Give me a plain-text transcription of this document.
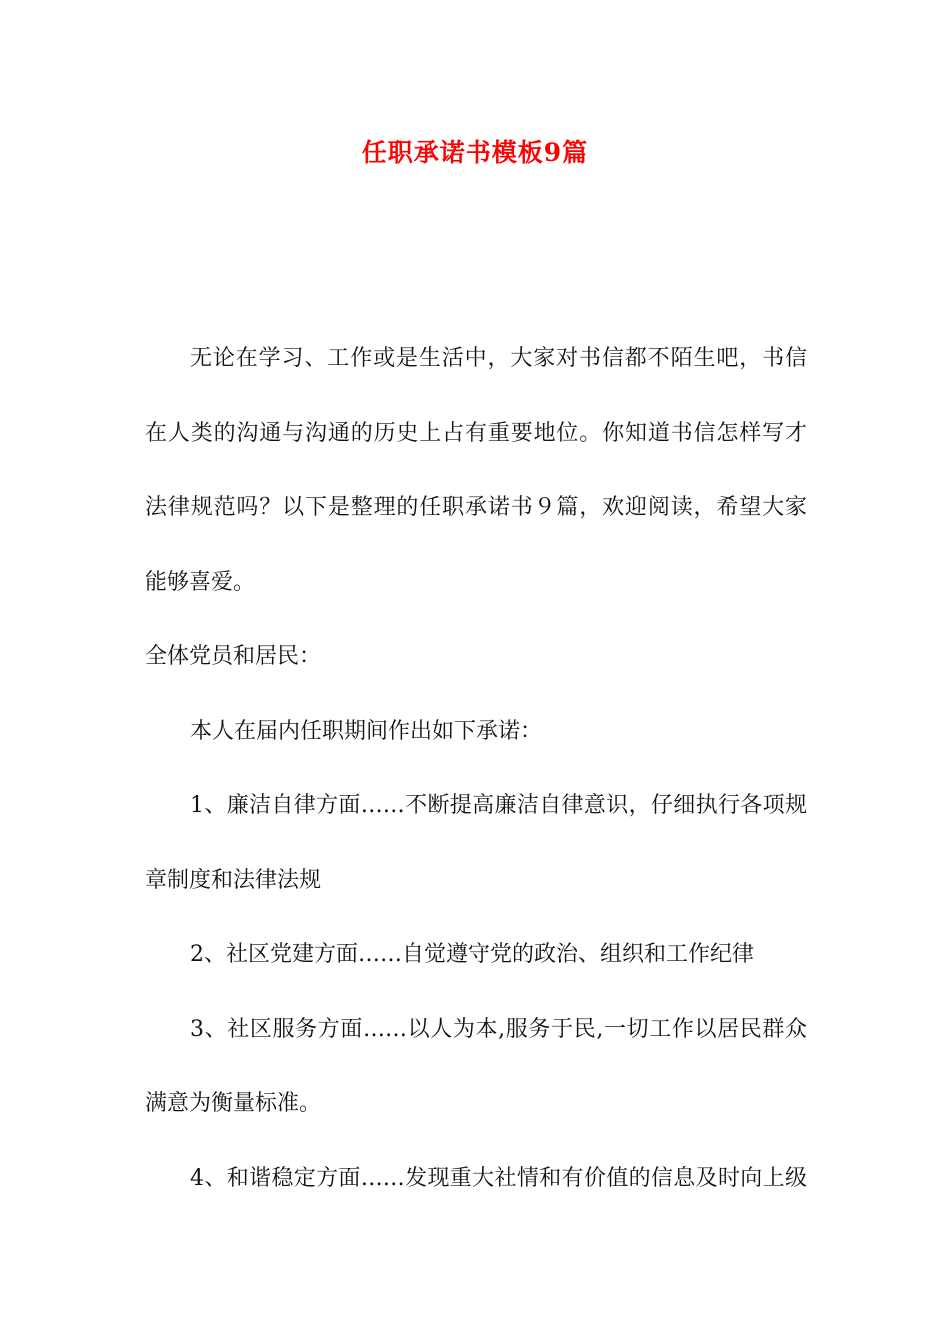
任职承诺书模板9篇
无论在学习、工作或是生活中，大家对书信都不陌生吧，书信
在人类的沟通与沟通的历史上占有重要地位。你知道书信怎样写才
法律规范吗？以下是整理的任职承诺书９篇，欢迎阅读，希望大家
能够喜爱。
全体党员和居民：
本人在届内任职期间作出如下承诺：
1、廉洁自律方面……不断提高廉洁自律意识，仔细执行各项规
章制度和法律法规
2、社区党建方面……自觉遵守党的政治、组织和工作纪律
3、社区服务方面……以人为本,服务于民,一切工作以居民群众
满意为衡量标准。
4、和谐稳定方面……发现重大社情和有价值的信息及时向上级
